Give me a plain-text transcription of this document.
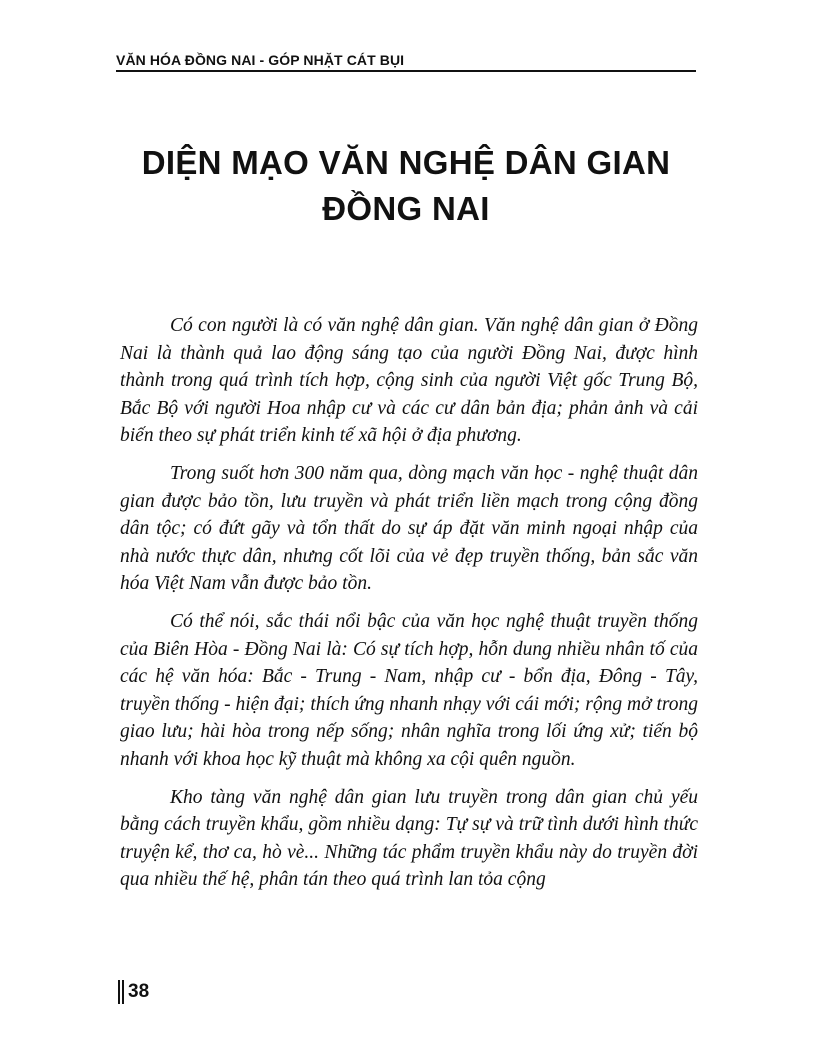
VĂN HÓA ĐỒNG NAI - GÓP NHẶT CÁT BỤI
DIỆN MẠO VĂN NGHỆ DÂN GIAN
ĐỒNG NAI

Có con người là có văn nghệ dân gian. Văn nghệ dân gian ở Đồng Nai là thành quả lao động sáng tạo của người Đồng Nai, được hình thành trong quá trình tích hợp, cộng sinh của người Việt gốc Trung Bộ, Bắc Bộ với người Hoa nhập cư và các cư dân bản địa; phản ảnh và cải biến theo sự phát triển kinh tế xã hội ở địa phương.

Trong suốt hơn 300 năm qua, dòng mạch văn học - nghệ thuật dân gian được bảo tồn, lưu truyền và phát triển liền mạch trong cộng đồng dân tộc; có đứt gãy và tổn thất do sự áp đặt văn minh ngoại nhập của nhà nước thực dân, nhưng cốt lõi của vẻ đẹp truyền thống, bản sắc văn hóa Việt Nam vẫn được bảo tồn.

Có thể nói, sắc thái nổi bậc của văn học nghệ thuật truyền thống của Biên Hòa - Đồng Nai là: Có sự tích hợp, hỗn dung nhiều nhân tố của các hệ văn hóa: Bắc - Trung - Nam, nhập cư - bổn địa, Đông - Tây, truyền thống - hiện đại; thích ứng nhanh nhạy với cái mới; rộng mở trong giao lưu; hài hòa trong nếp sống; nhân nghĩa trong lối ứng xử; tiến bộ nhanh với khoa học kỹ thuật mà không xa cội quên nguồn.

Kho tàng văn nghệ dân gian lưu truyền trong dân gian chủ yếu bằng cách truyền khẩu, gồm nhiều dạng: Tự sự và trữ tình dưới hình thức truyện kể, thơ ca, hò vè... Những tác phẩm truyền khẩu này do truyền đời qua nhiều thế hệ, phân tán theo quá trình lan tỏa cộng

38
